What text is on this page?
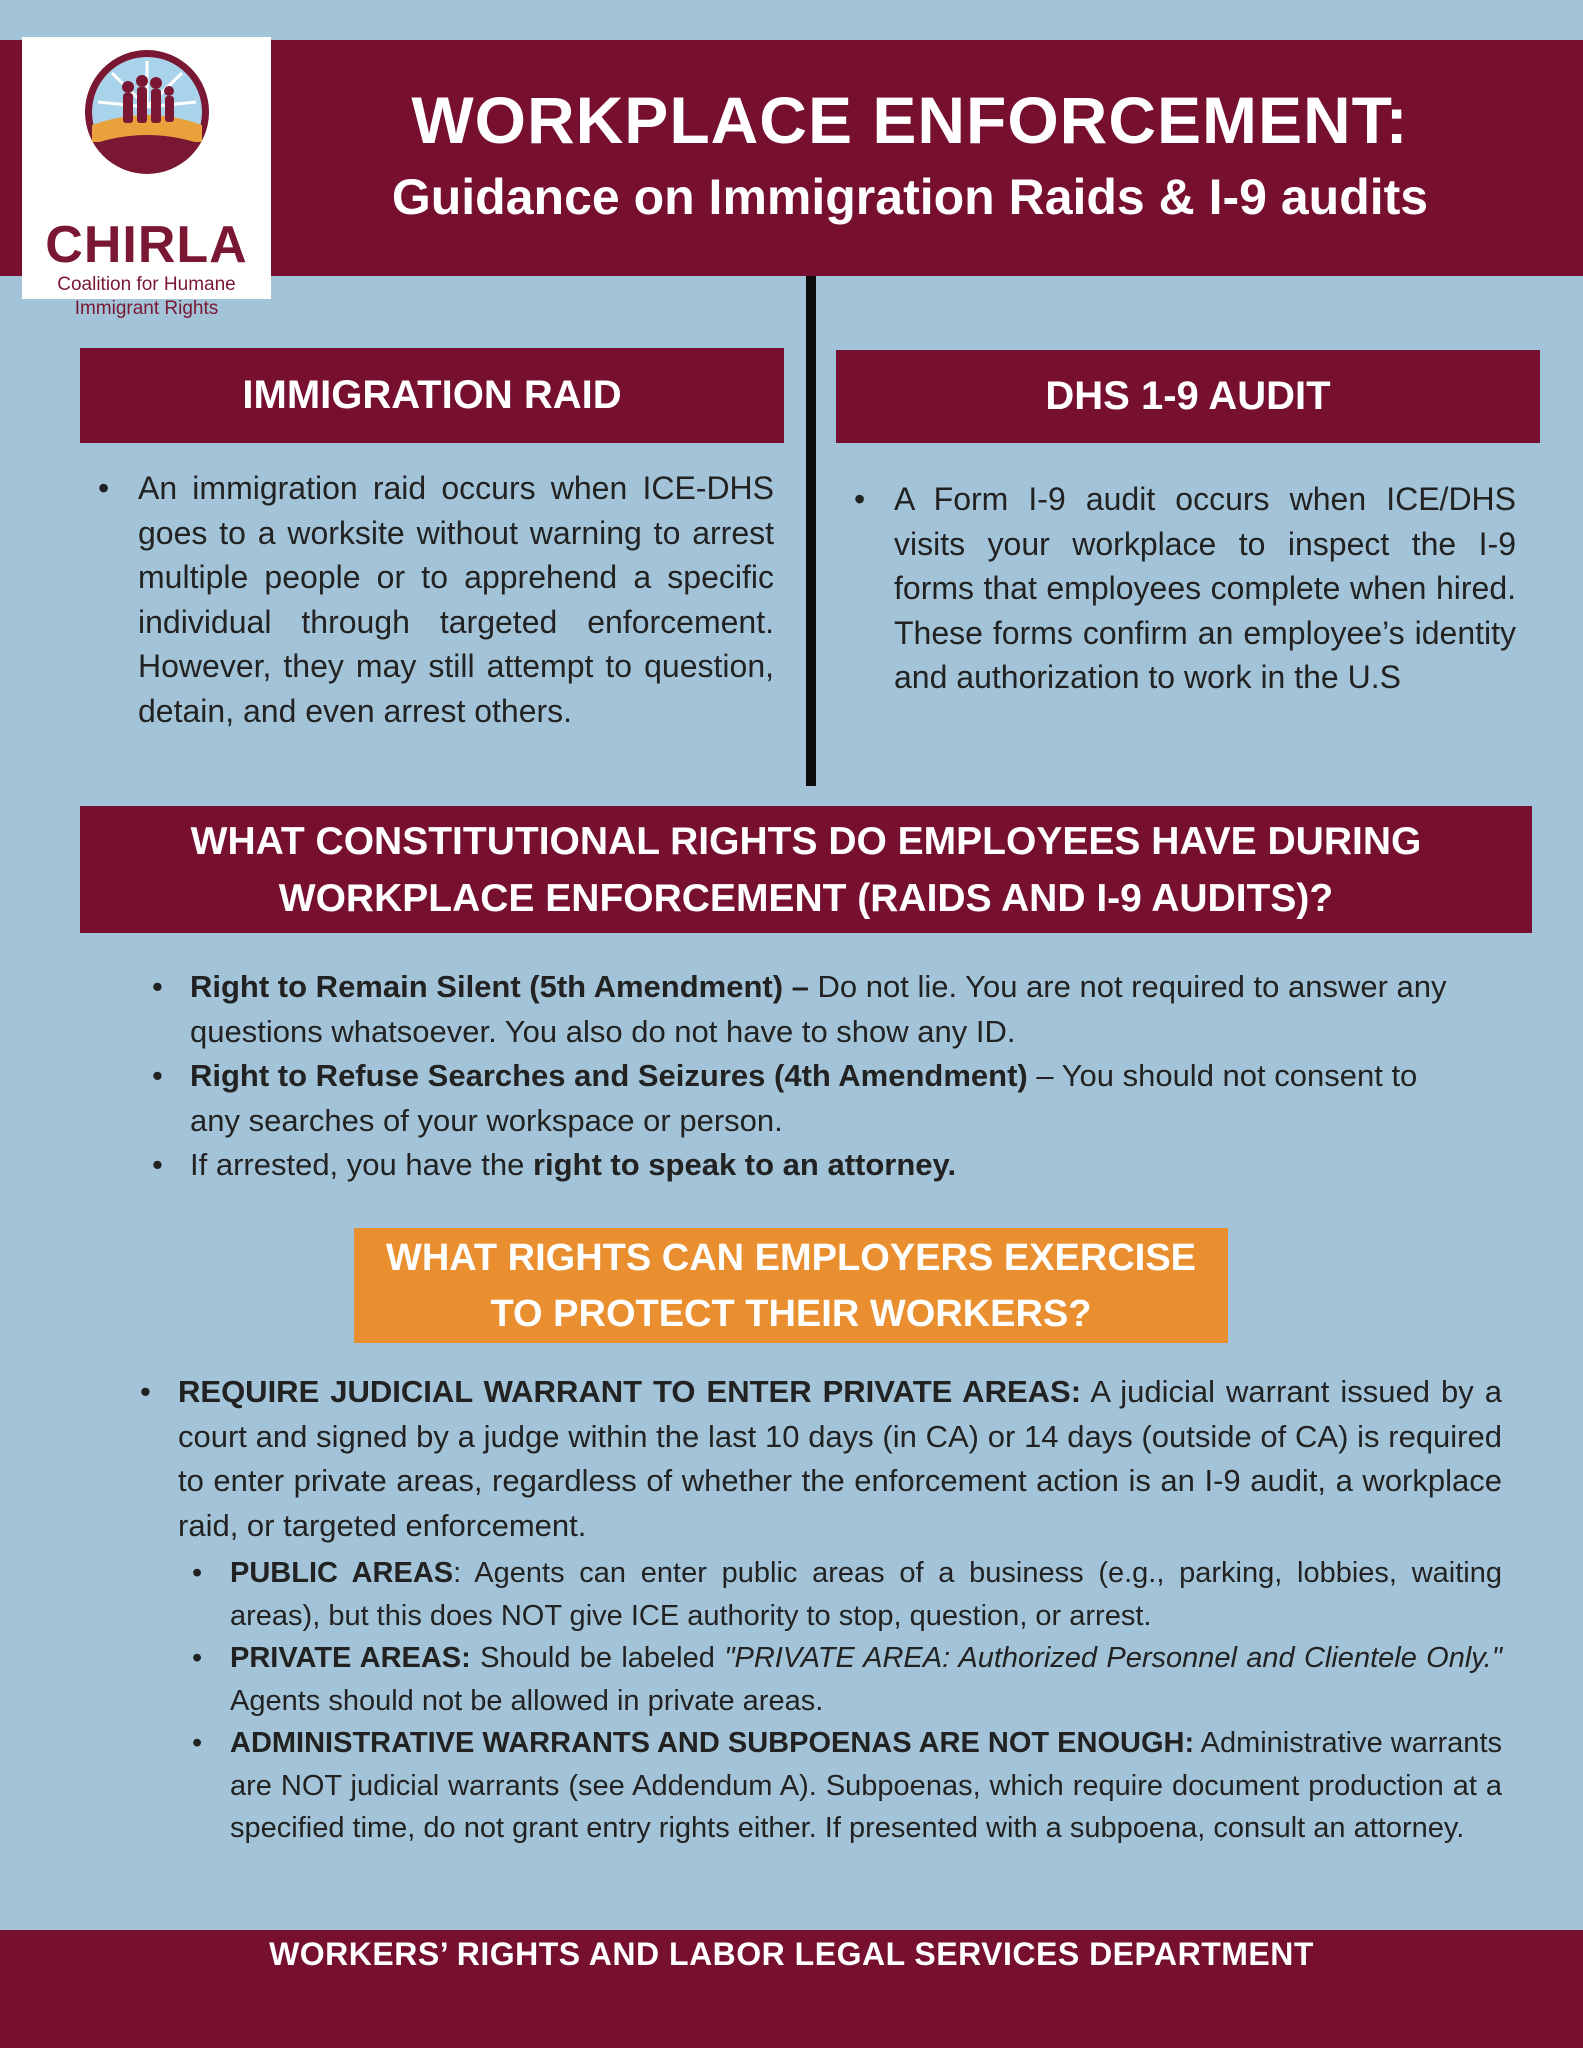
CHIRLA
Coalition for Humane
Immigrant Rights
WORKPLACE ENFORCEMENT:
Guidance on Immigration Raids & I-9 audits
IMMIGRATION RAID	DHS 1-9 AUDIT
• An immigration raid occurs when ICE-DHS goes to a worksite without warning to arrest multiple people or to apprehend a specific individual through targeted enforcement. However, they may still attempt to question, detain, and even arrest others.
• A Form I-9 audit occurs when ICE/DHS visits your workplace to inspect the I-9 forms that employees complete when hired. These forms confirm an employee’s identity and authorization to work in the U.S
WHAT CONSTITUTIONAL RIGHTS DO EMPLOYEES HAVE DURING
WORKPLACE ENFORCEMENT (RAIDS AND I-9 AUDITS)?
• Right to Remain Silent (5th Amendment) – Do not lie. You are not required to answer any questions whatsoever. You also do not have to show any ID.
• Right to Refuse Searches and Seizures (4th Amendment) – You should not consent to any searches of your workspace or person.
• If arrested, you have the right to speak to an attorney.
WHAT RIGHTS CAN EMPLOYERS EXERCISE
TO PROTECT THEIR WORKERS?
• REQUIRE JUDICIAL WARRANT TO ENTER PRIVATE AREAS: A judicial warrant issued by a court and signed by a judge within the last 10 days (in CA) or 14 days (outside of CA) is required to enter private areas, regardless of whether the enforcement action is an I-9 audit, a workplace raid, or targeted enforcement.
• PUBLIC AREAS: Agents can enter public areas of a business (e.g., parking, lobbies, waiting areas), but this does NOT give ICE authority to stop, question, or arrest.
• PRIVATE AREAS: Should be labeled "PRIVATE AREA: Authorized Personnel and Clientele Only." Agents should not be allowed in private areas.
• ADMINISTRATIVE WARRANTS AND SUBPOENAS ARE NOT ENOUGH: Administrative warrants are NOT judicial warrants (see Addendum A). Subpoenas, which require document production at a specified time, do not grant entry rights either. If presented with a subpoena, consult an attorney.
WORKERS’ RIGHTS AND LABOR LEGAL SERVICES DEPARTMENT
